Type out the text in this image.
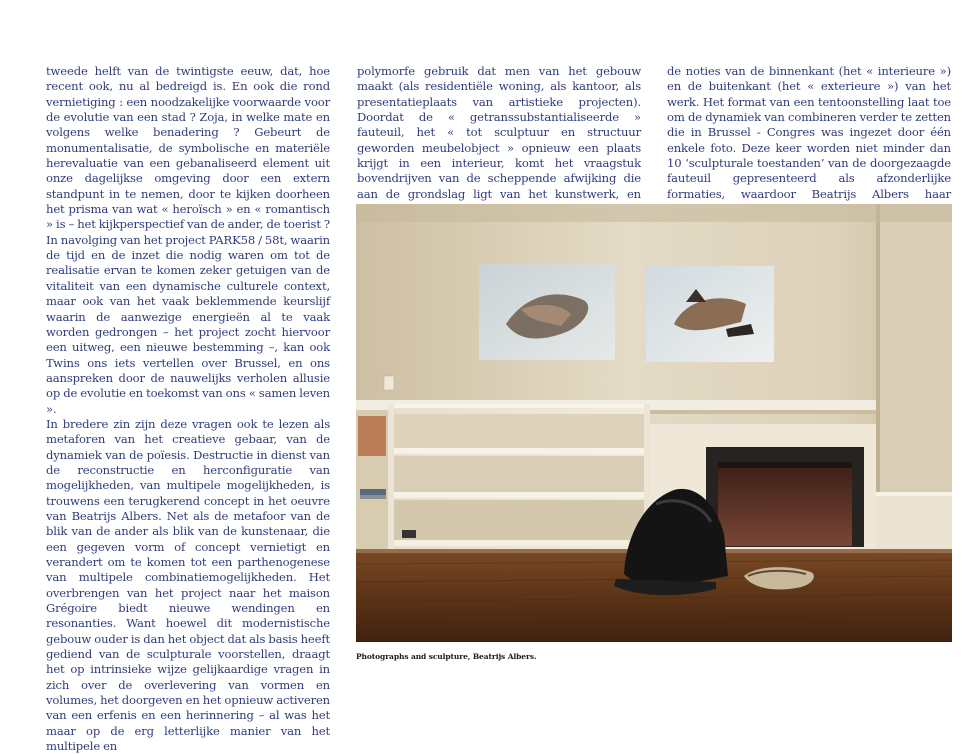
tweede helft van de twintigste eeuw, dat, hoe recent ook, nu al bedreigd is. En ook die rond vernietiging : een noodzakelijke voorwaarde voor de evolutie van een stad ? Zoja, in welke mate en volgens welke benadering ? Gebeurt de monumentalisatie, de symbolische en materiële herevaluatie van een gebanaliseerd element uit onze dagelijkse omgeving door een extern standpunt in te nemen, door te kijken doorheen het prisma van wat « heroïsch » en « romantisch » is – het kijkperspectief van de ander, de toerist ? In navolging van het project PARK58 / 58t, waarin de tijd en de inzet die nodig waren om tot de realisatie ervan te komen zeker getuigen van de vitaliteit van een dynamische culturele context, maar ook van het vaak beklemmende keurslijf waarin de aanwezige energieën al te vaak worden gedrongen – het project zocht hiervoor een uitweg, een nieuwe bestemming –, kan ook Twins ons iets vertellen over Brussel, en ons aanspreken door de nauwelijks verholen allusie op de evolutie en toekomst van ons « samen leven ».

In bredere zin zijn deze vragen ook te lezen als metaforen van het creatieve gebaar, van de dynamiek van de poïesis. Destructie in dienst van de reconstructie en herconfiguratie van mogelijkheden, van multipele mogelijkheden, is trouwens een terugkerend concept in het oeuvre van Beatrijs Albers. Net als de metafoor van de blik van de ander als blik van de kunstenaar, die een gegeven vorm of concept vernietigt en verandert om te komen tot een parthenogenese van multipele combinatiemogelijkheden. Het overbrengen van het project naar het maison Grégoire biedt nieuwe wendingen en resonanties. Want hoewel dit modernistische gebouw ouder is dan het object dat als basis heeft gediend van de sculpturale voorstellen, draagt het op intrinsieke wijze gelijkaardige vragen in zich over de overlevering van vormen en volumes, het doorgeven en het opnieuw activeren van een erfenis en een herinnering – al was het maar op de erg letterlijke manier van het multipele en

polymorfe gebruik dat men van het gebouw maakt (als residentiële woning, als kantoor, als presentatieplaats van artistieke projecten). Doordat de « getranssubstantialiseerde » fauteuil, het « tot sculptuur en structuur geworden meubelobject » opnieuw een plaats krijgt in een interieur, komt het vraagstuk bovendrijven van de scheppende afwijking die aan de grondslag ligt van het kunstwerk, en

de noties van de binnenkant (het « interieure ») en de buitenkant (het « exterieure ») van het werk. Het format van een tentoonstelling laat toe om de dynamiek van combineren verder te zetten die in Brussel - Congres was ingezet door één enkele foto. Deze keer worden niet minder dan 10 ‘sculpturale toestanden’ van de doorgezaagde fauteuil gepresenteerd als afzonderlijke formaties, waardoor Beatrijs Albers haar

Photographs and sculpture, Beatrijs Albers.
